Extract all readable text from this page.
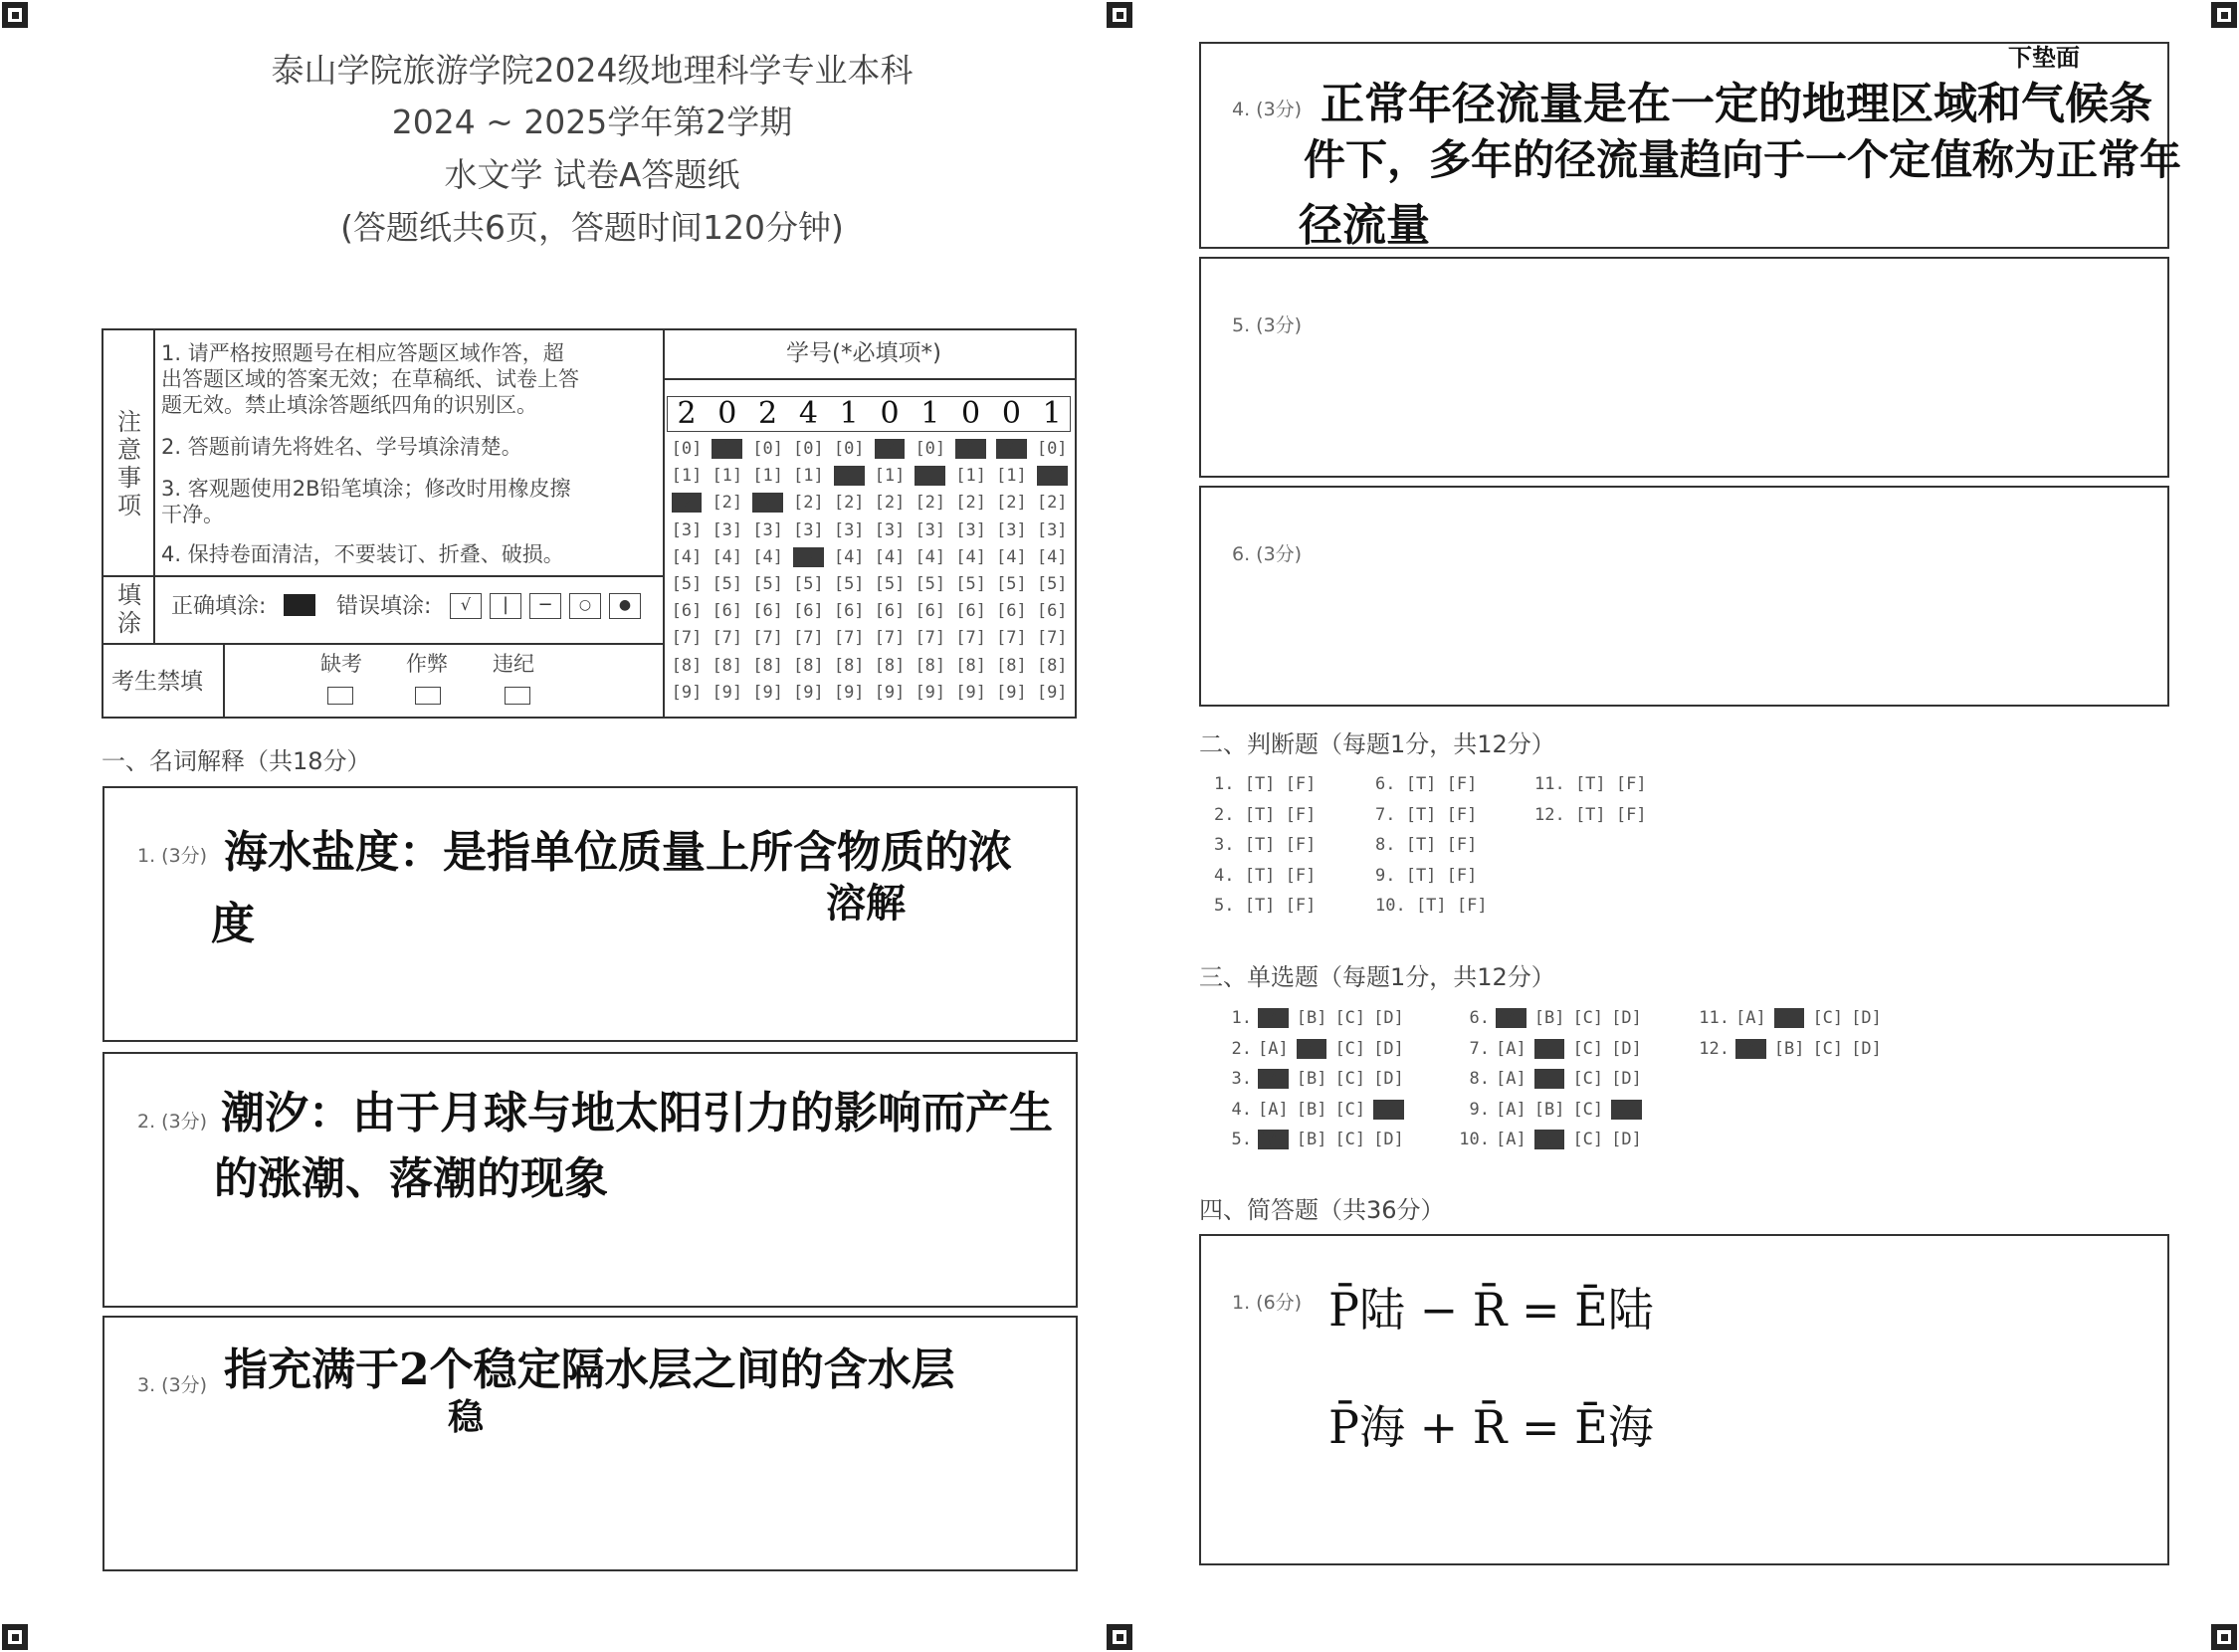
泰山学院旅游学院2024级地理科学专业本科
2024 ~ 2025学年第2学期
水文学 试卷A答题纸
(答题纸共6页，答题时间120分钟)
注
意
事
项
1. 请严格按照题号在相应答题区域作答，超
出答题区域的答案无效；在草稿纸、试卷上答
题无效。禁止填涂答题纸四角的识别区。
2. 答题前请先将姓名、学号填涂清楚。
3. 客观题使用2B铅笔填涂；修改时用橡皮擦
干净。
4. 保持卷面清洁，不要装订、折叠、破损。
填
涂
正确填涂:	错误填涂:	√	|	−	○	●
考生禁填
缺考 作弊 违纪
学号(*必填项*)
2 0 2 4 1 0 1 0 0 1
[0] [0] [0] [0] [0] [0] [0] [0] [0] [0]
[1] [1] [1] [1] [1] [1] [1] [1] [1] [1]
[2] [2] [2] [2] [2] [2] [2] [2] [2] [2]
[3] [3] [3] [3] [3] [3] [3] [3] [3] [3]
[4] [4] [4] [4] [4] [4] [4] [4] [4] [4]
[5] [5] [5] [5] [5] [5] [5] [5] [5] [5]
[6] [6] [6] [6] [6] [6] [6] [6] [6] [6]
[7] [7] [7] [7] [7] [7] [7] [7] [7] [7]
[8] [8] [8] [8] [8] [8] [8] [8] [8] [8]
[9] [9] [9] [9] [9] [9] [9] [9] [9] [9]
一、名词解释（共18分）
1. (3分) 海水盐度：是指单位质量上所含物质的浓
度	溶解
2. (3分) 潮汐：由于月球与地太阳引力的影响而产生
的涨潮、落潮的现象
3. (3分) 指充满于2个稳定隔水层之间的含水层
稳
4. (3分) 正常年径流量是在一定的地理区域和气候条
件下，多年的径流量趋向于一个定值称为正常年
径流量
下垫面
5. (3分)
6. (3分)
二、判断题（每题1分，共12分）
1. [T] [F]
2. [T] [F]
3. [T] [F]
4. [T] [F]
5. [T] [F]
6. [T] [F]
7. [T] [F]
8. [T] [F]
9. [T] [F]
10. [T] [F]
11. [T] [F]
12. [T] [F]
三、单选题（每题1分，共12分）
1. [A] [B] [C] [D]
2. [A] [B] [C] [D]
3. [A] [B] [C] [D]
4. [A] [B] [C] [D]
5. [A] [B] [C] [D]
6. [A] [B] [C] [D]
7. [A] [B] [C] [D]
8. [A] [B] [C] [D]
9. [A] [B] [C] [D]
10. [A] [B] [C] [D]
11. [A] [B] [C] [D]
12. [A] [B] [C] [D]
四、简答题（共36分）
1. (6分) P̄陆 − R̄ = Ē陆
P̄海 + R̄ = Ē海
